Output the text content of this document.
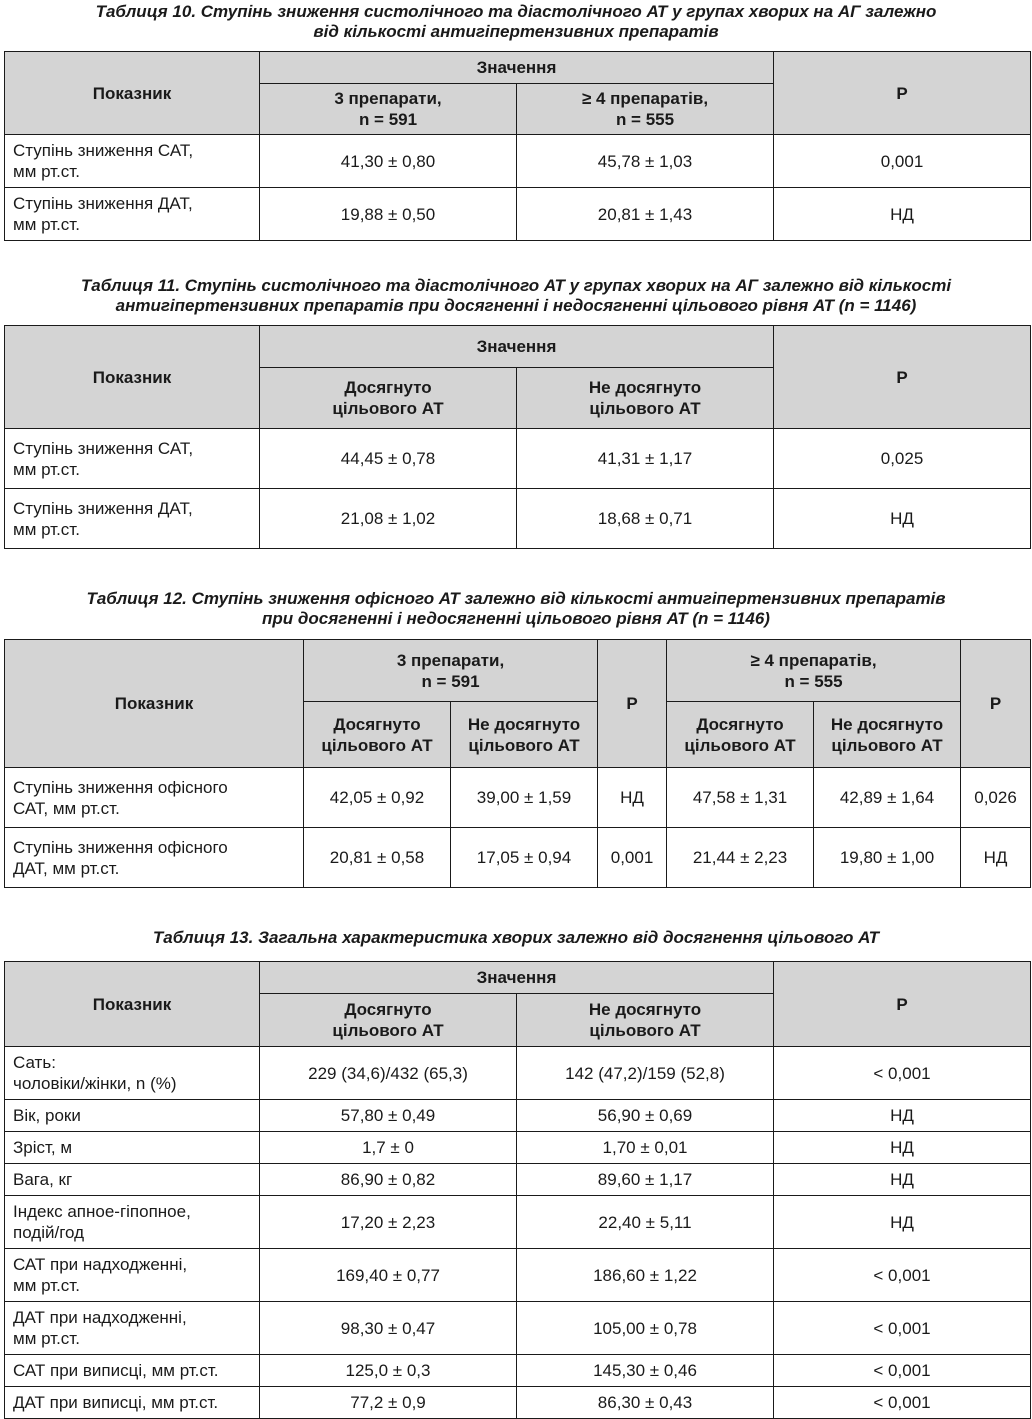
Таблиця 10. Ступінь зниження систолічного та діастолічного АТ у групах хворих на АГ залежно
від кількості антигіпертензивних препаратів
Показник	Значення		P

	3 препарати,
n = 591	≥ 4 препаратів,
n = 555	

Ступінь зниження САТ,
мм рт.ст.	41,30 ± 0,80	45,78 ± 1,03	0,001

Ступінь зниження ДАТ,
мм рт.ст.	19,88 ± 0,50	20,81 ± 1,43	НД
Таблиця 11. Ступінь систолічного та діастолічного АТ у групах хворих на АГ залежно від кількості
антигіпертензивних препаратів при досягненні і недосягненні цільового рівня АТ (n = 1146)
Показник	Значення		P

	Досягнуто
цільового АТ	Не досягнуто
цільового АТ	

Ступінь зниження САТ,
мм рт.ст.	44,45 ± 0,78	41,31 ± 1,17	0,025

Ступінь зниження ДАТ,
мм рт.ст.	21,08 ± 1,02	18,68 ± 0,71	НД
Таблиця 12. Ступінь зниження офісного АТ залежно від кількості антигіпертензивних препаратів
при досягненні і недосягненні цільового рівня АТ (n = 1146)
Показник	3 препарати,
n = 591		P	≥ 4 препаратів,
n = 555		P

	Досягнуто
цільового АТ	Не досягнуто
цільового АТ		Досягнуто
цільового АТ	Не досягнуто
цільового АТ	

Ступінь зниження офісного
САТ, мм рт.ст.	42,05 ± 0,92	39,00 ± 1,59	НД	47,58 ± 1,31	42,89 ± 1,64	0,026

Ступінь зниження офісного
ДАТ, мм рт.ст.	20,81 ± 0,58	17,05 ± 0,94	0,001	21,44 ± 2,23	19,80 ± 1,00	НД
Таблиця 13. Загальна характеристика хворих залежно від досягнення цільового АТ
Показник	Значення		P

	Досягнуто
цільового АТ	Не досягнуто
цільового АТ	

Сать:
чоловіки/жінки, n (%)	229 (34,6)/432 (65,3)	142 (47,2)/159 (52,8)	< 0,001
Вік, роки	57,80 ± 0,49	56,90 ± 0,69	НД
Зріст, м	1,7 ± 0	1,70 ± 0,01	НД
Вага, кг	86,90 ± 0,82	89,60 ± 1,17	НД

Індекс апное-гіпопное,
подій/год	17,20 ± 2,23	22,40 ± 5,11	НД

САТ при надходженні,
мм рт.ст.	169,40 ± 0,77	186,60 ± 1,22	< 0,001

ДАТ при надходженні,
мм рт.ст.	98,30 ± 0,47	105,00 ± 0,78	< 0,001
САТ при виписці, мм рт.ст.	125,0 ± 0,3	145,30 ± 0,46	< 0,001
ДАТ при виписці, мм рт.ст.	77,2 ± 0,9	86,30 ± 0,43	< 0,001
